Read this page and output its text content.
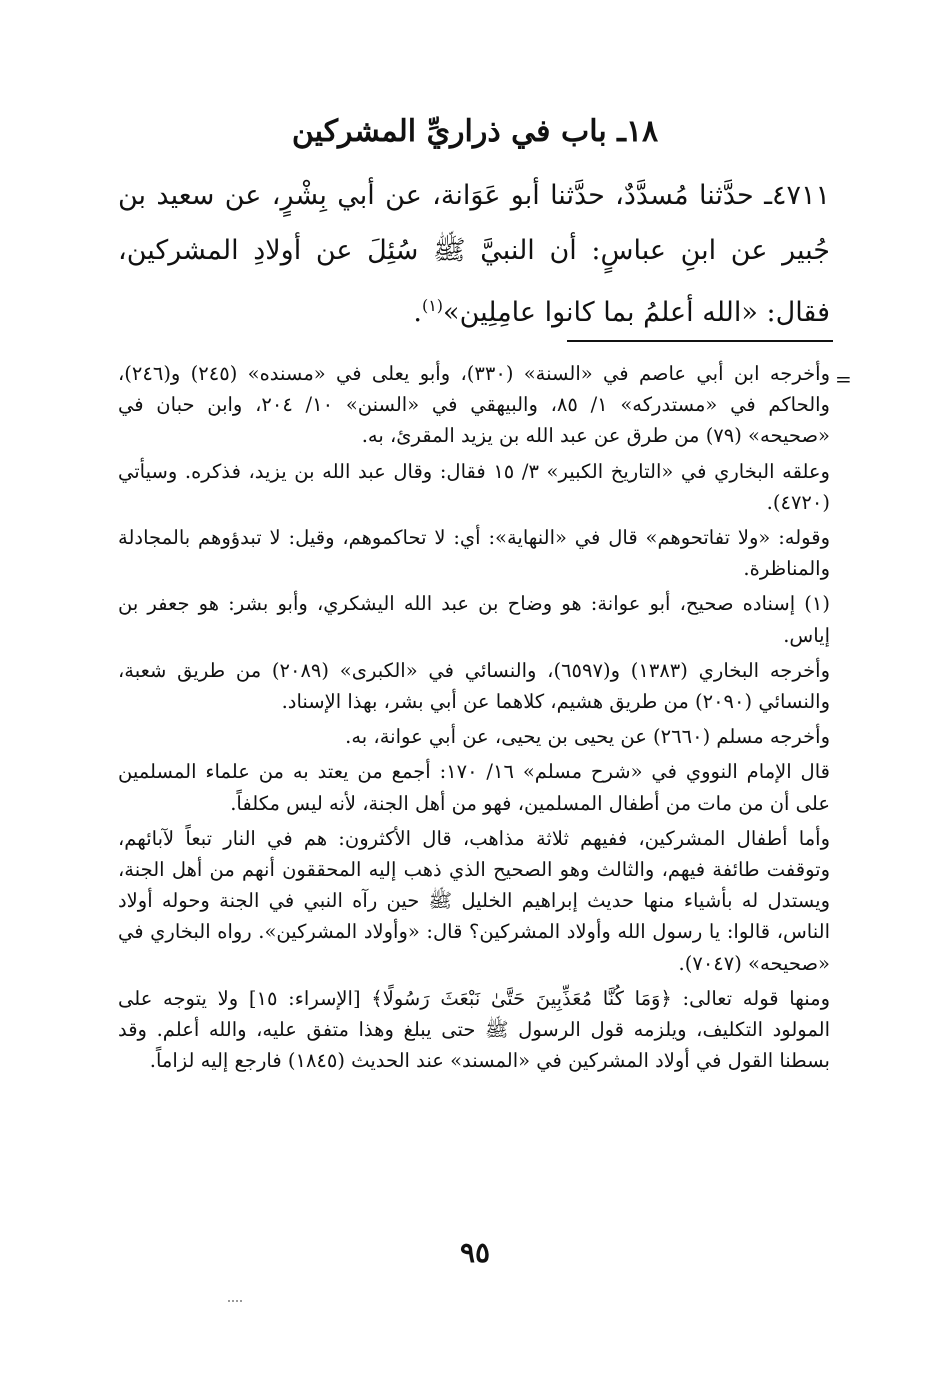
١٨ـ باب في ذراريِّ المشركين
٤٧١١ـ حدَّثنا مُسدَّدٌ، حدَّثنا أبو عَوَانة، عن أبي بِشْرٍ، عن سعيد بن جُبير عن ابنِ عباسٍ: أن النبيَّ ﷺ سُئِلَ عن أولادِ المشركين، فقال: «الله أعلمُ بما كانوا عامِلِين»$^{(١)}$.
=

وأخرجه ابن أبي عاصم في «السنة» (٣٣٠)، وأبو يعلى في «مسنده» (٢٤٥) و(٢٤٦)، والحاكم في «مستدركه» ١/ ٨٥، والبيهقي في «السنن» ١٠/ ٢٠٤، وابن حبان في «صحيحه» (٧٩) من طرق عن عبد الله بن يزيد المقرئ، به.

وعلقه البخاري في «التاريخ الكبير» ٣/ ١٥ فقال: وقال عبد الله بن يزيد، فذكره. وسيأتي (٤٧٢٠).

وقوله: «ولا تفاتحوهم» قال في «النهاية»: أي: لا تحاكموهم، وقيل: لا تبدؤوهم بالمجادلة والمناظرة.

(١) إسناده صحيح، أبو عوانة: هو وضاح بن عبد الله اليشكري، وأبو بشر: هو جعفر بن إياس.

وأخرجه البخاري (١٣٨٣) و(٦٥٩٧)، والنسائي في «الكبرى» (٢٠٨٩) من طريق شعبة، والنسائي (٢٠٩٠) من طريق هشيم، كلاهما عن أبي بشر، بهذا الإسناد.

وأخرجه مسلم (٢٦٦٠) عن يحيى بن يحيى، عن أبي عوانة، به.

قال الإمام النووي في «شرح مسلم» ١٦/ ١٧٠: أجمع من يعتد به من علماء المسلمين على أن من مات من أطفال المسلمين، فهو من أهل الجنة، لأنه ليس مكلفاً.

وأما أطفال المشركين، ففيهم ثلاثة مذاهب، قال الأكثرون: هم في النار تبعاً لآبائهم، وتوقفت طائفة فيهم، والثالث وهو الصحيح الذي ذهب إليه المحققون أنهم من أهل الجنة، ويستدل له بأشياء منها حديث إبراهيم الخليل ﷺ حين رآه النبي في الجنة وحوله أولاد الناس، قالوا: يا رسول الله وأولاد المشركين؟ قال: «وأولاد المشركين». رواه البخاري في «صحيحه» (٧٠٤٧).

ومنها قوله تعالى: ﴿وَمَا كُنَّا مُعَذِّبِينَ حَتَّىٰ نَبْعَثَ رَسُولًا﴾ [الإسراء: ١٥] ولا يتوجه على المولود التكليف، ويلزمه قول الرسول ﷺ حتى يبلغ وهذا متفق عليه، والله أعلم. وقد بسطنا القول في أولاد المشركين في «المسند» عند الحديث (١٨٤٥) فارجع إليه لزاماً.

٩٥
